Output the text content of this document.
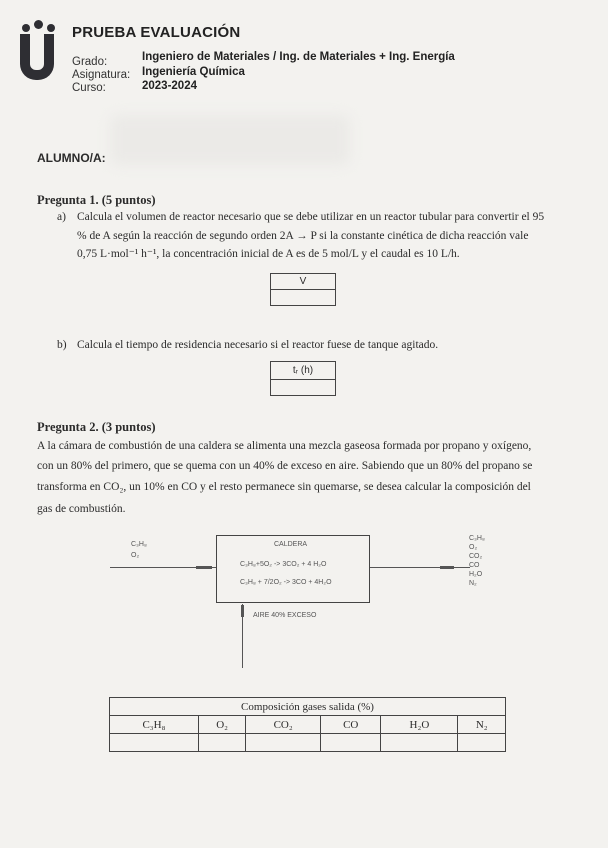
PRUEBA EVALUACIÓN
Grado:	Ingeniero de Materiales / Ing. de Materiales + Ing. Energía
Asignatura: Ingeniería Química
Curso:	2023-2024
ALUMNO/A:
Pregunta 1. (5 puntos)
a) Calcula el volumen de reactor necesario que se debe utilizar en un reactor tubular para convertir el 95
% de A según la reacción de segundo orden 2A → P si la constante cinética de dicha reacción vale
0,75 L·mol⁻¹ h⁻¹, la concentración inicial de A es de 5 mol/L y el caudal es 10 L/h.
V

b) Calcula el tiempo de residencia necesario si el reactor fuese de tanque agitado.
tᵣ (h)

Pregunta 2. (3 puntos)
A la cámara de combustión de una caldera se alimenta una mezcla gaseosa formada por propano y oxígeno,
con un 80% del primero, que se quema con un 40% de exceso en aire. Sabiendo que un 80% del propano se
transforma en CO₂, un 10% en CO y el resto permanece sin quemarse, se desea calcular la composición del
gas de combustión.
C₃H₈
O₂
CALDERA
C₃H₈+5O₂ -> 3CO₂ + 4 H₂O
C₃H₈ + 7/2O₂ -> 3CO + 4H₂O
C₃H₈
O₂
CO₂
CO
H₂O
N₂
AIRE 40% EXCESO
Composición gases salida (%)					
C₃H₈	O₂	CO₂	CO	H₂O	N₂
